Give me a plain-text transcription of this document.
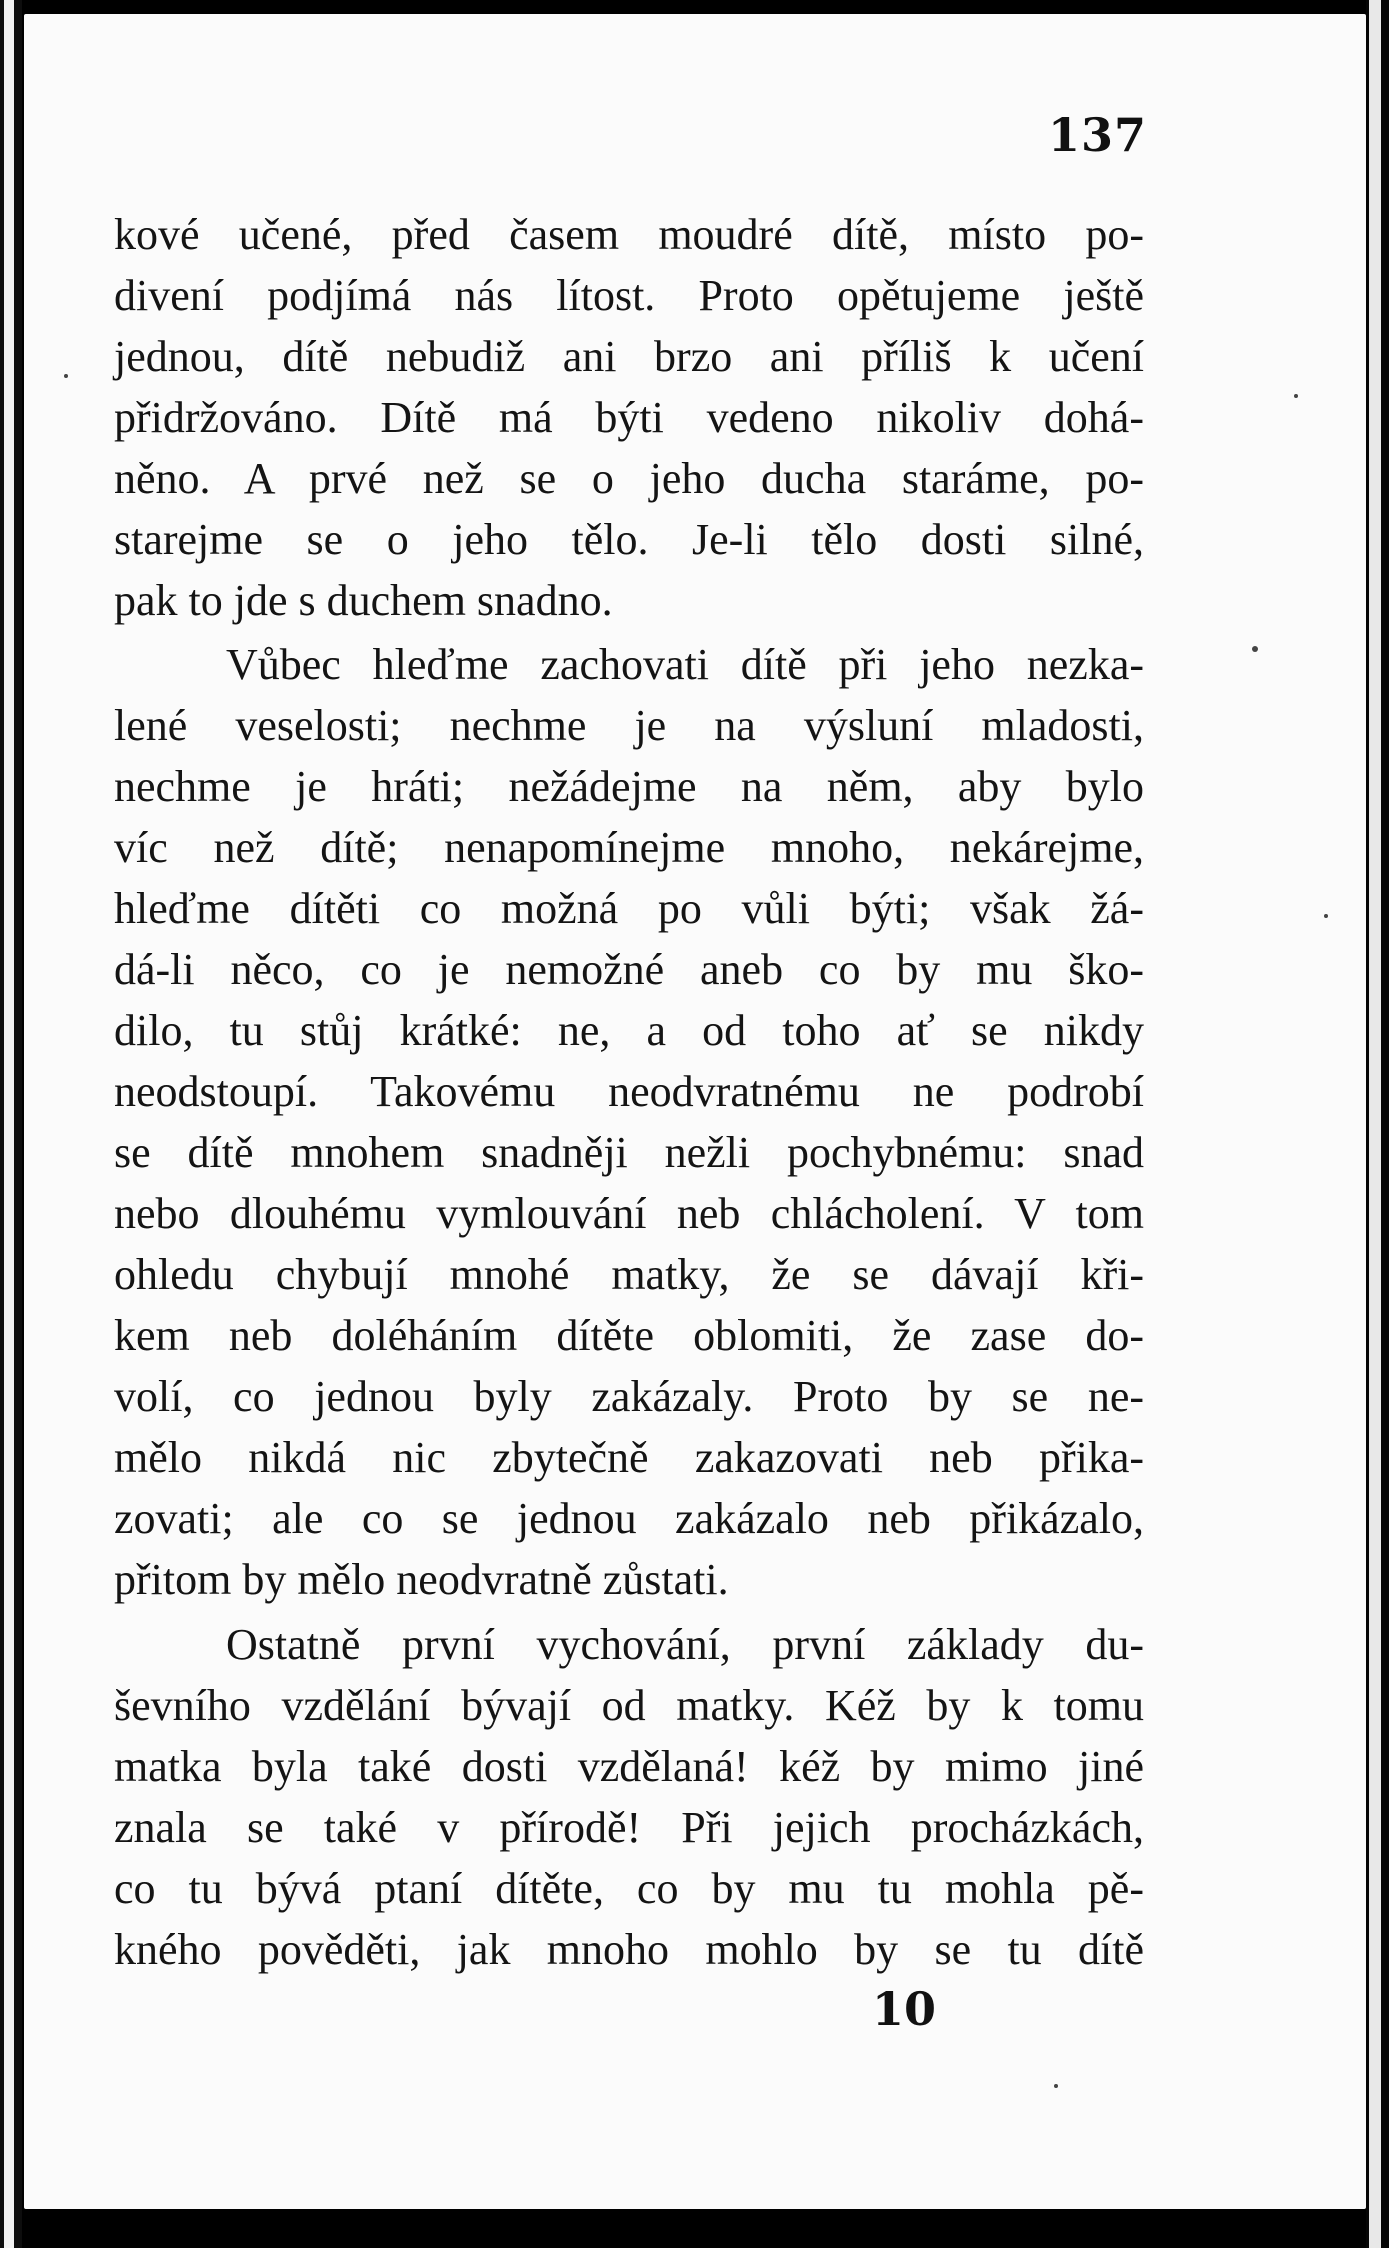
137
kové učené, před časem moudré dítě, místo po-
divení podjímá nás lítost. Proto opětujeme ještě
jednou, dítě nebudiž ani brzo ani příliš k učení
přidržováno. Dítě má býti vedeno nikoliv dohá-
něno. A prvé než se o jeho ducha staráme, po-
starejme se o jeho tělo. Je-li tělo dosti silné,
pak to jde s duchem snadno.
Vůbec hleďme zachovati dítě při jeho nezka-
lené veselosti; nechme je na výsluní mladosti,
nechme je hráti; nežádejme na něm, aby bylo
víc než dítě; nenapomínejme mnoho, nekárejme,
hleďme dítěti co možná po vůli býti; však žá-
dá-li něco, co je nemožné aneb co by mu ško-
dilo, tu stůj krátké: ne, a od toho ať se nikdy
neodstoupí. Takovému neodvratnému ne podrobí
se dítě mnohem snadněji nežli pochybnému: snad
nebo dlouhému vymlouvání neb chlácholení. V tom
ohledu chybují mnohé matky, že se dávají kři-
kem neb doléháním dítěte oblomiti, že zase do-
volí, co jednou byly zakázaly. Proto by se ne-
mělo nikdá nic zbytečně zakazovati neb přika-
zovati; ale co se jednou zakázalo neb přikázalo,
přitom by mělo neodvratně zůstati.
Ostatně první vychování, první základy du-
ševního vzdělání bývají od matky. Kéž by k tomu
matka byla také dosti vzdělaná! kéž by mimo jiné
znala se také v přírodě! Při jejich procházkách,
co tu bývá ptaní dítěte, co by mu tu mohla pě-
kného pověděti, jak mnoho mohlo by se tu dítě
10
